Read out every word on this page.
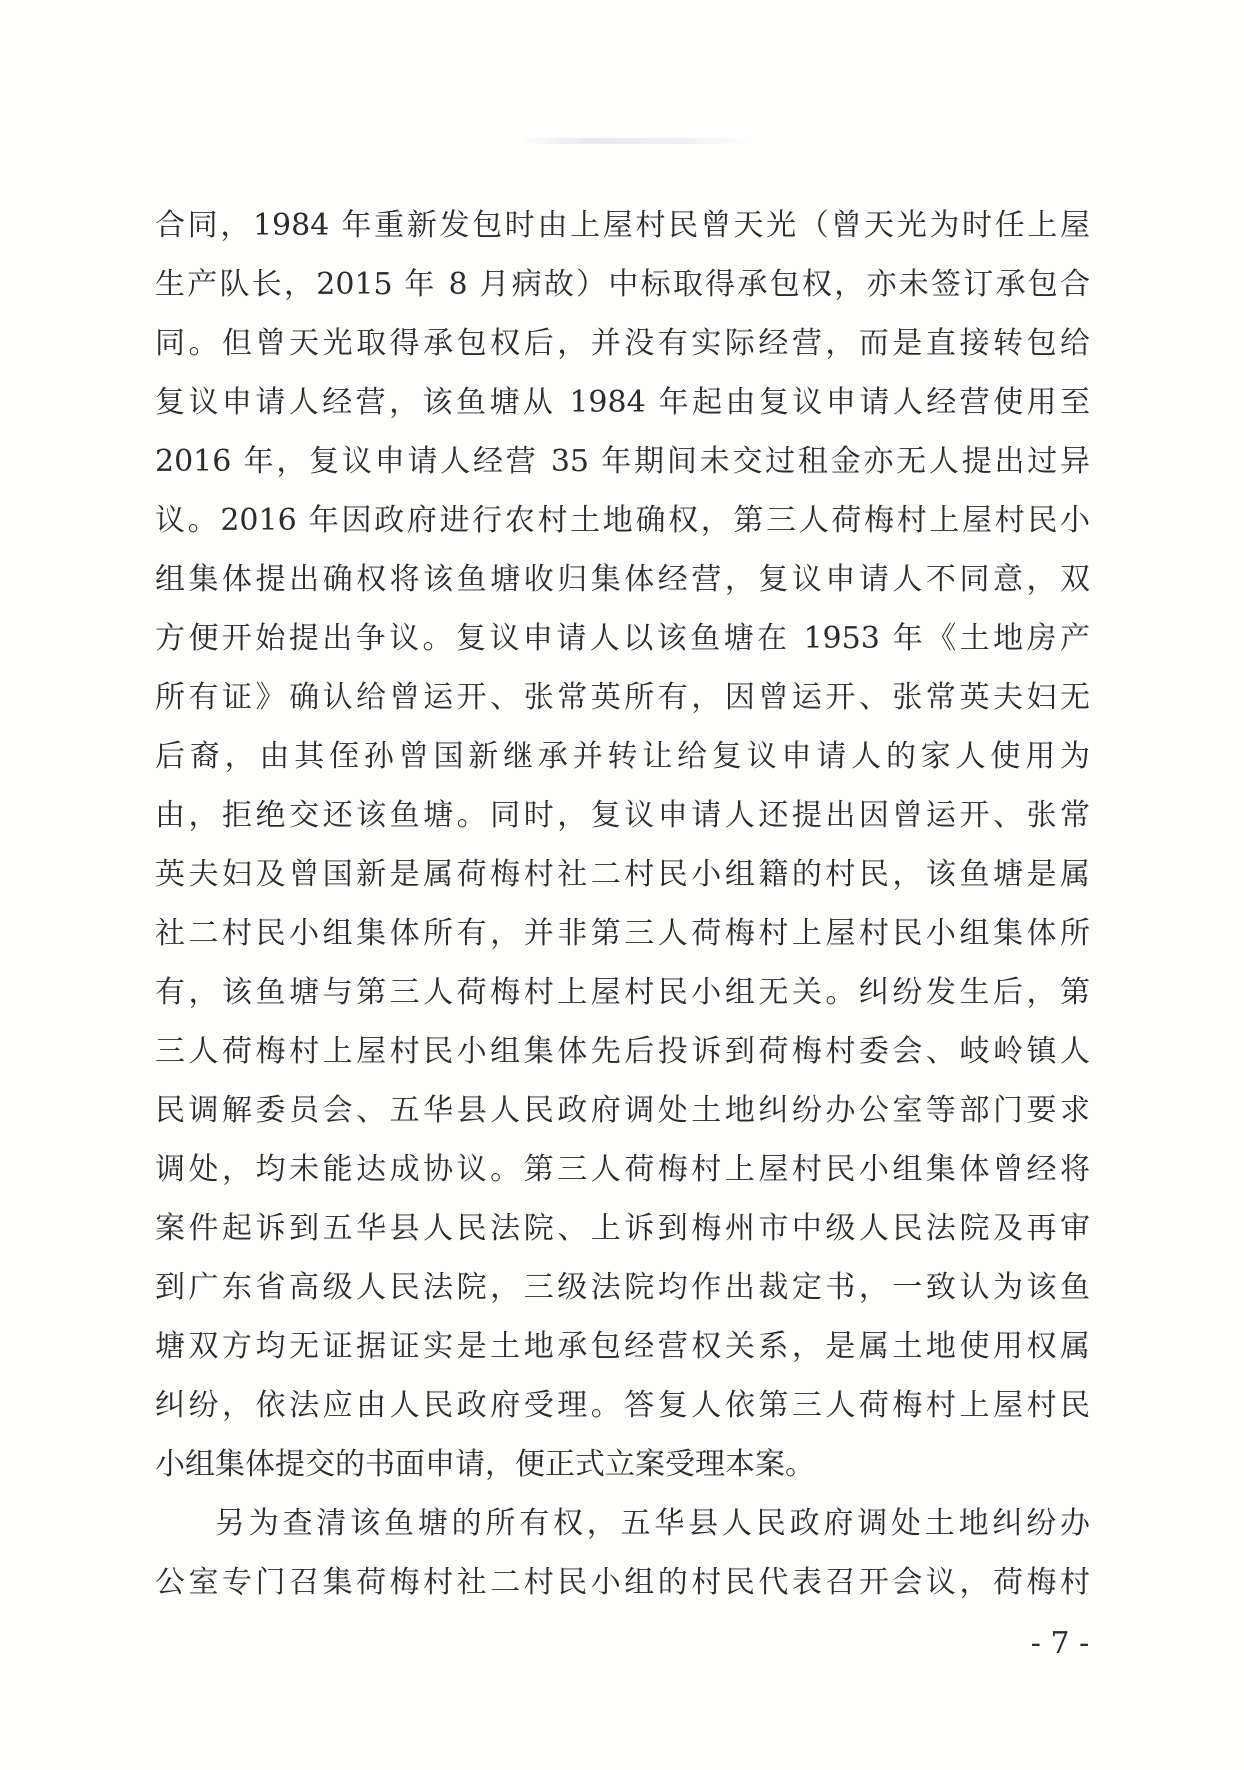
合同，1984 年重新发包时由上屋村民曾天光（曾天光为时任上屋
生产队长，2015 年 8 月病故）中标取得承包权，亦未签订承包合
同。但曾天光取得承包权后，并没有实际经营，而是直接转包给
复议申请人经营，该鱼塘从 1984 年起由复议申请人经营使用至
2016 年，复议申请人经营 35 年期间未交过租金亦无人提出过异
议。2016 年因政府进行农村土地确权，第三人荷梅村上屋村民小
组集体提出确权将该鱼塘收归集体经营，复议申请人不同意，双
方便开始提出争议。复议申请人以该鱼塘在 1953 年《土地房产
所有证》确认给曾运开、张常英所有，因曾运开、张常英夫妇无
后裔，由其侄孙曾国新继承并转让给复议申请人的家人使用为
由，拒绝交还该鱼塘。同时，复议申请人还提出因曾运开、张常
英夫妇及曾国新是属荷梅村社二村民小组籍的村民，该鱼塘是属
社二村民小组集体所有，并非第三人荷梅村上屋村民小组集体所
有，该鱼塘与第三人荷梅村上屋村民小组无关。纠纷发生后，第
三人荷梅村上屋村民小组集体先后投诉到荷梅村委会、岐岭镇人
民调解委员会、五华县人民政府调处土地纠纷办公室等部门要求
调处，均未能达成协议。第三人荷梅村上屋村民小组集体曾经将
案件起诉到五华县人民法院、上诉到梅州市中级人民法院及再审
到广东省高级人民法院，三级法院均作出裁定书，一致认为该鱼
塘双方均无证据证实是土地承包经营权关系，是属土地使用权属
纠纷，依法应由人民政府受理。答复人依第三人荷梅村上屋村民
小组集体提交的书面申请，便正式立案受理本案。
另为查清该鱼塘的所有权，五华县人民政府调处土地纠纷办
公室专门召集荷梅村社二村民小组的村民代表召开会议，荷梅村
- 7 -
